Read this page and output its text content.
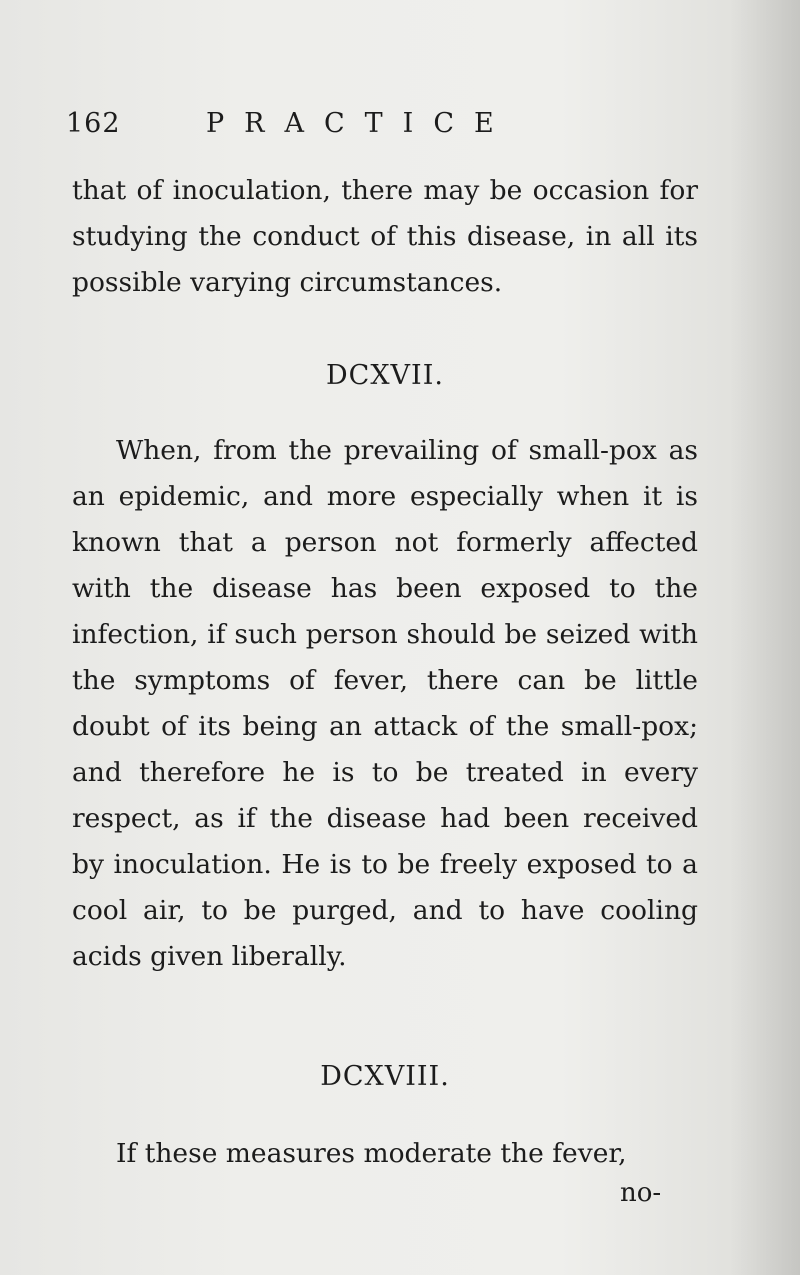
162	PRACTICE

that of inoculation, there may be occasion for studying the conduct of this disease, in all its possible varying circumstances.

DCXVII.

When, from the prevailing of small-pox as an epidemic, and more especially when it is known that a person not formerly affected with the disease has been exposed to the infection, if such person should be seized with the symptoms of fever, there can be little doubt of its being an attack of the small-pox; and therefore he is to be treated in every respect, as if the disease had been received by inoculation. He is to be freely exposed to a cool air, to be purged, and to have cooling acids given liberally.

DCXVIII.

If these measures moderate the fever,

no-
